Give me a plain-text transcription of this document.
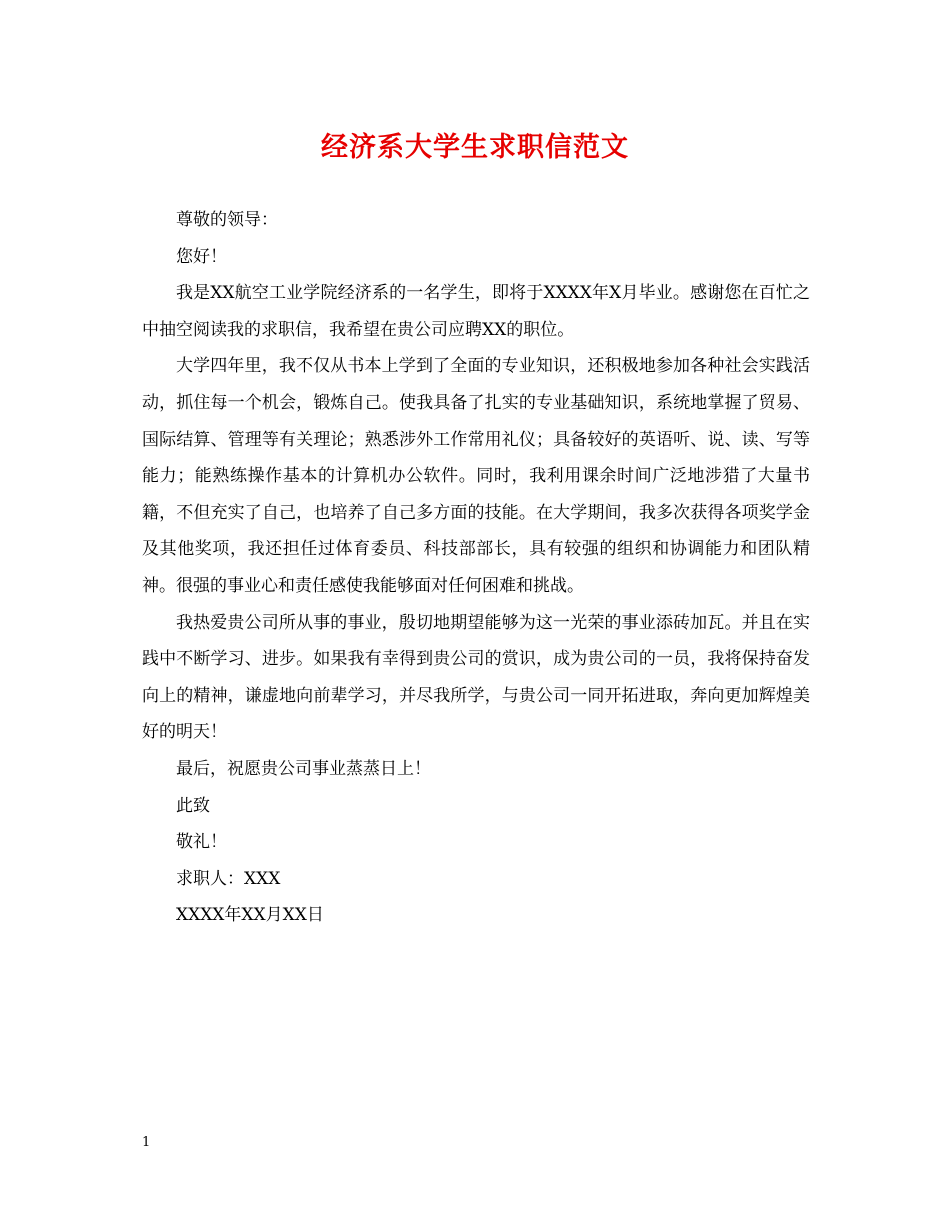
经济系大学生求职信范文

尊敬的领导：

您好！

我是XX航空工业学院经济系的一名学生，即将于XXXX年X月毕业。感谢您在百忙之中抽空阅读我的求职信，我希望在贵公司应聘XX的职位。

大学四年里，我不仅从书本上学到了全面的专业知识，还积极地参加各种社会实践活动，抓住每一个机会，锻炼自己。使我具备了扎实的专业基础知识，系统地掌握了贸易、国际结算、管理等有关理论；熟悉涉外工作常用礼仪；具备较好的英语听、说、读、写等能力；能熟练操作基本的计算机办公软件。同时，我利用课余时间广泛地涉猎了大量书籍，不但充实了自己，也培养了自己多方面的技能。在大学期间，我多次获得各项奖学金及其他奖项，我还担任过体育委员、科技部部长，具有较强的组织和协调能力和团队精神。很强的事业心和责任感使我能够面对任何困难和挑战。

我热爱贵公司所从事的事业，殷切地期望能够为这一光荣的事业添砖加瓦。并且在实践中不断学习、进步。如果我有幸得到贵公司的赏识，成为贵公司的一员，我将保持奋发向上的精神，谦虚地向前辈学习，并尽我所学，与贵公司一同开拓进取，奔向更加辉煌美好的明天！

最后，祝愿贵公司事业蒸蒸日上！

此致

敬礼！

求职人：XXX

XXXX年XX月XX日

1
